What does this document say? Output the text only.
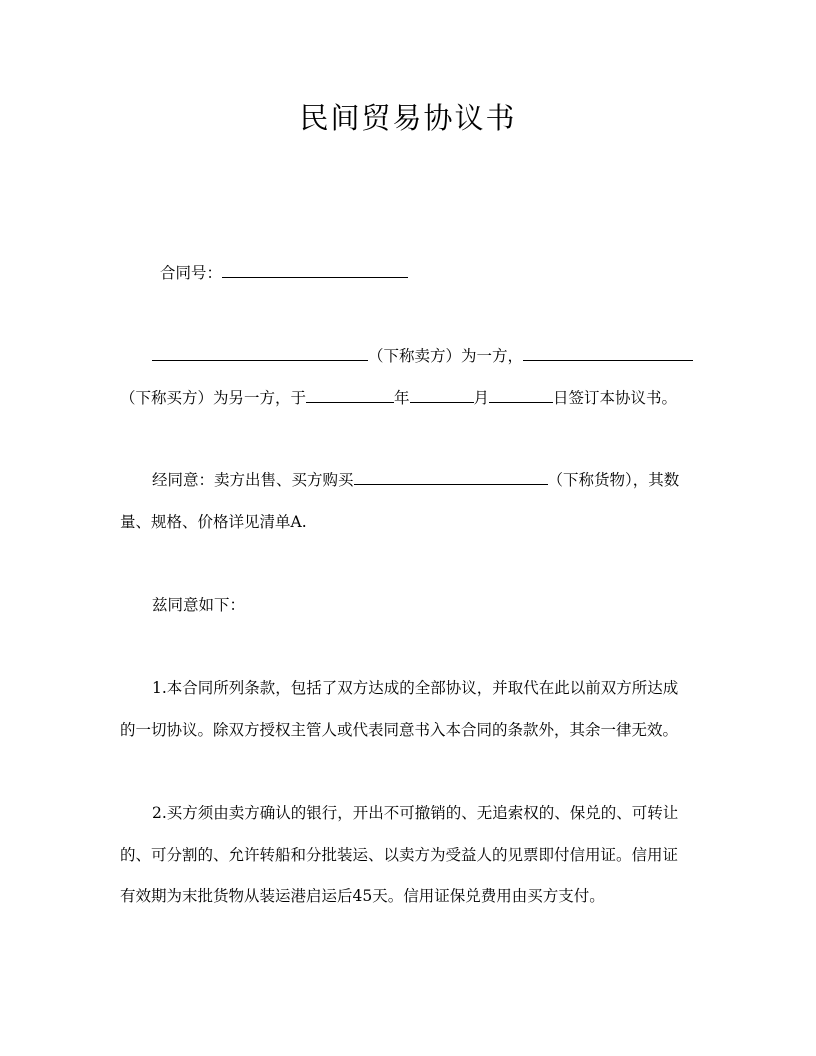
民间贸易协议书
合同号：
（下称卖方）为一方，
（下称买方）为另一方，于	年	月	日签订本协议书。
经同意：卖方出售、买方购买	（下称货物），其数
量、规格、价格详见清单A.
兹同意如下：
1.本合同所列条款，包括了双方达成的全部协议，并取代在此以前双方所达成
的一切协议。除双方授权主管人或代表同意书入本合同的条款外，其余一律无效。
2.买方须由卖方确认的银行，开出不可撤销的、无追索权的、保兑的、可转让
的、可分割的、允许转船和分批装运、以卖方为受益人的见票即付信用证。信用证
有效期为末批货物从装运港启运后45天。信用证保兑费用由买方支付。
